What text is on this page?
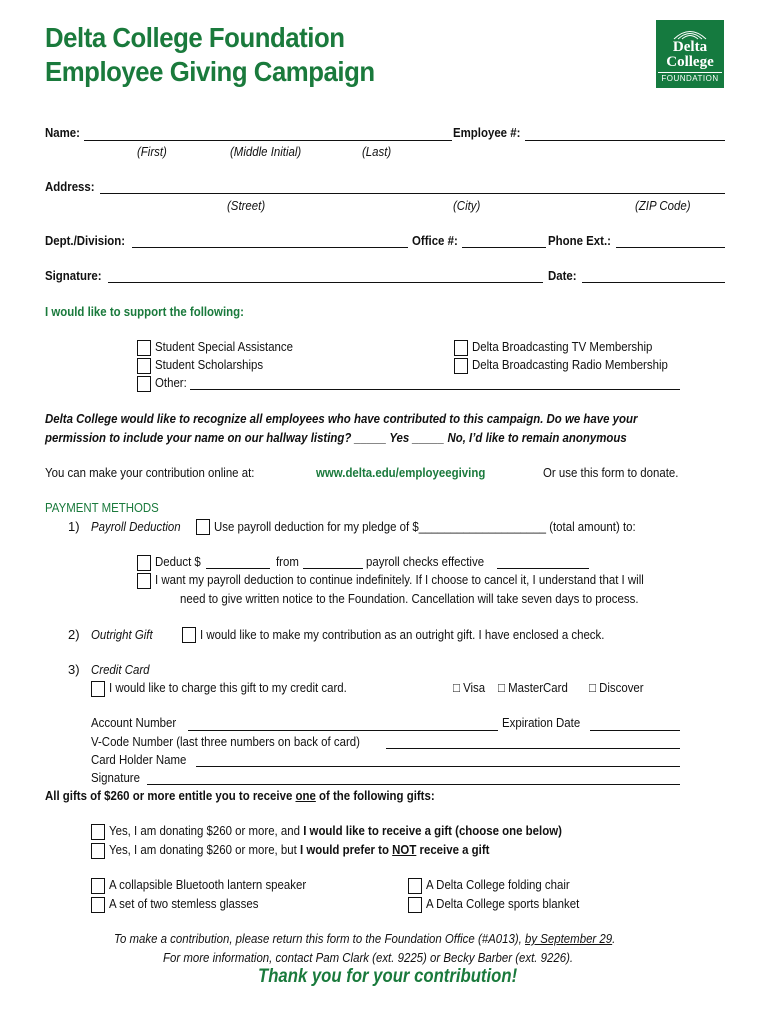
Delta College Foundation
Employee Giving Campaign
Delta
College
FOUNDATION
Name:	Employee #:
(First)	(Middle Initial)	(Last)
Address:
(Street)	(City)	(ZIP Code)
Dept./Division:	Office #:	Phone Ext.:
Signature:	Date:
I would like to support the following:
Student Special Assistance
Student Scholarships
Other:
Delta Broadcasting TV Membership
Delta Broadcasting Radio Membership
Delta College would like to recognize all employees who have contributed to this campaign. Do we have your
permission to include your name on our hallway listing? _____ Yes _____ No, I’d like to remain anonymous
You can make your contribution online at:	www.delta.edu/employeegiving	Or use this form to donate.
PAYMENT METHODS
1) Payroll Deduction	Use payroll deduction for my pledge of $____________________ (total amount) to:
Deduct $	from	payroll checks effective
I want my payroll deduction to continue indefinitely. If I choose to cancel it, I understand that I will
need to give written notice to the Foundation. Cancellation will take seven days to process.
2) Outright Gift	I would like to make my contribution as an outright gift. I have enclosed a check.
3) Credit Card
I would like to charge this gift to my credit card.	□ Visa □ MasterCard	□ Discover
Account Number	Expiration Date
V-Code Number (last three numbers on back of card)
Card Holder Name
Signature
All gifts of $260 or more entitle you to receive one of the following gifts:
Yes, I am donating $260 or more, and I would like to receive a gift (choose one below)
Yes, I am donating $260 or more, but I would prefer to NOT receive a gift
A collapsible Bluetooth lantern speaker
A set of two stemless glasses
A Delta College folding chair
A Delta College sports blanket
To make a contribution, please return this form to the Foundation Office (#A013), by September 29.
For more information, contact Pam Clark (ext. 9225) or Becky Barber (ext. 9226).
Thank you for your contribution!
